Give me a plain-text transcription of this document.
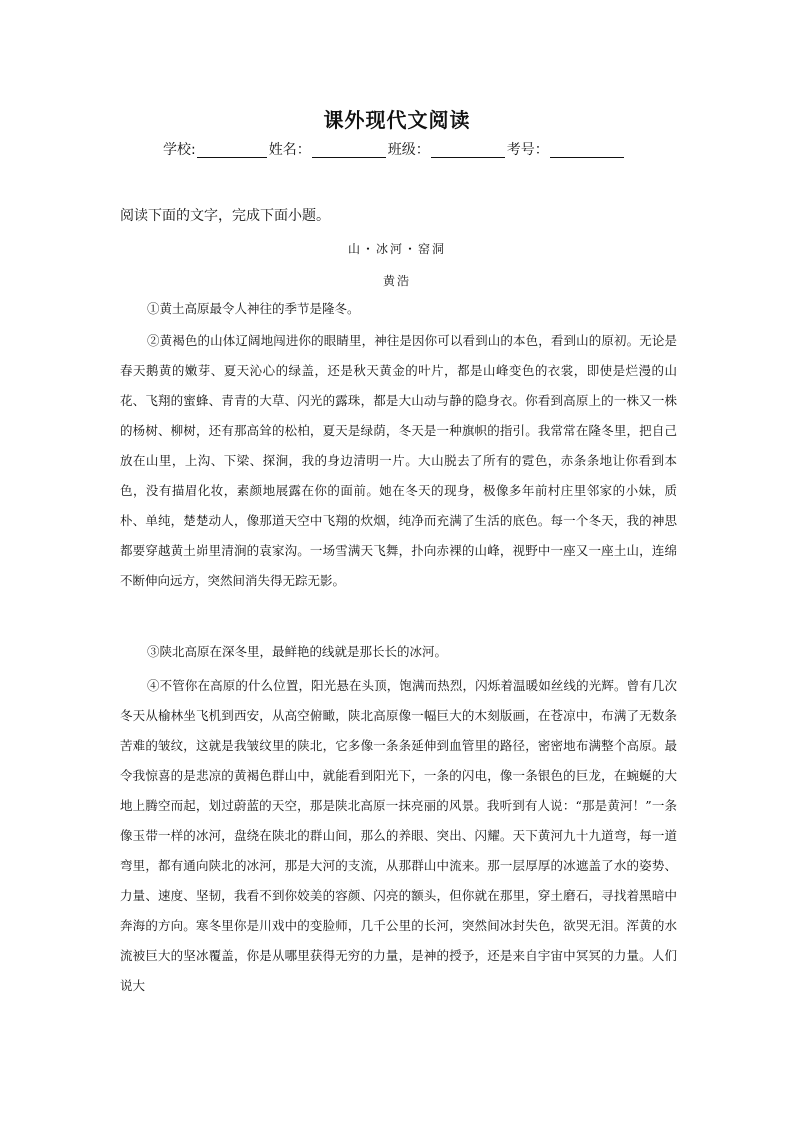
课外现代文阅读
学校:	姓名：	班级：	考号：
阅读下面的文字，完成下面小题。
山・冰河・窑洞
黄浩

①黄土高原最令人神往的季节是隆冬。

②黄褐色的山体辽阔地闯进你的眼睛里，神往是因你可以看到山的本色，看到山的原初。无论是春天鹅黄的嫩芽、夏天沁心的绿盖，还是秋天黄金的叶片，都是山峰变色的衣裳，即使是烂漫的山花、飞翔的蜜蜂、青青的大草、闪光的露珠，都是大山动与静的隐身衣。你看到高原上的一株又一株的杨树、柳树，还有那高耸的松柏，夏天是绿荫，冬天是一种旗帜的指引。我常常在隆冬里，把自己放在山里，上沟、下梁、探涧，我的身边清明一片。大山脱去了所有的霓色，赤条条地让你看到本色，没有描眉化妆，素颜地展露在你的面前。她在冬天的现身，极像多年前村庄里邻家的小妹，质朴、单纯，楚楚动人，像那道天空中飞翔的炊烟，纯净而充满了生活的底色。每一个冬天，我的神思都要穿越黄土峁里清涧的袁家沟。一场雪满天飞舞，扑向赤裸的山峰，视野中一座又一座土山，连绵不断伸向远方，突然间消失得无踪无影。

③陕北高原在深冬里，最鲜艳的线就是那长长的冰河。

④不管你在高原的什么位置，阳光悬在头顶，饱满而热烈，闪烁着温暖如丝线的光辉。曾有几次冬天从榆林坐飞机到西安，从高空俯瞰，陕北高原像一幅巨大的木刻版画，在苍凉中，布满了无数条苦难的皱纹，这就是我皱纹里的陕北，它多像一条条延伸到血管里的路径，密密地布满整个高原。最令我惊喜的是悲凉的黄褐色群山中，就能看到阳光下，一条的闪电，像一条银色的巨龙，在蜿蜒的大地上腾空而起，划过蔚蓝的天空，那是陕北高原一抹亮丽的风景。我听到有人说：“那是黄河！”一条像玉带一样的冰河，盘绕在陕北的群山间，那么的养眼、突出、闪耀。天下黄河九十九道弯，每一道弯里，都有通向陕北的冰河，那是大河的支流，从那群山中流来。那一层厚厚的冰遮盖了水的姿势、力量、速度、坚韧，我看不到你姣美的容颜、闪亮的额头，但你就在那里，穿土磨石，寻找着黑暗中奔海的方向。寒冬里你是川戏中的变脸师，几千公里的长河，突然间冰封失色，欲哭无泪。浑黄的水流被巨大的坚冰覆盖，你是从哪里获得无穷的力量，是神的授予，还是来自宇宙中冥冥的力量。人们说大
